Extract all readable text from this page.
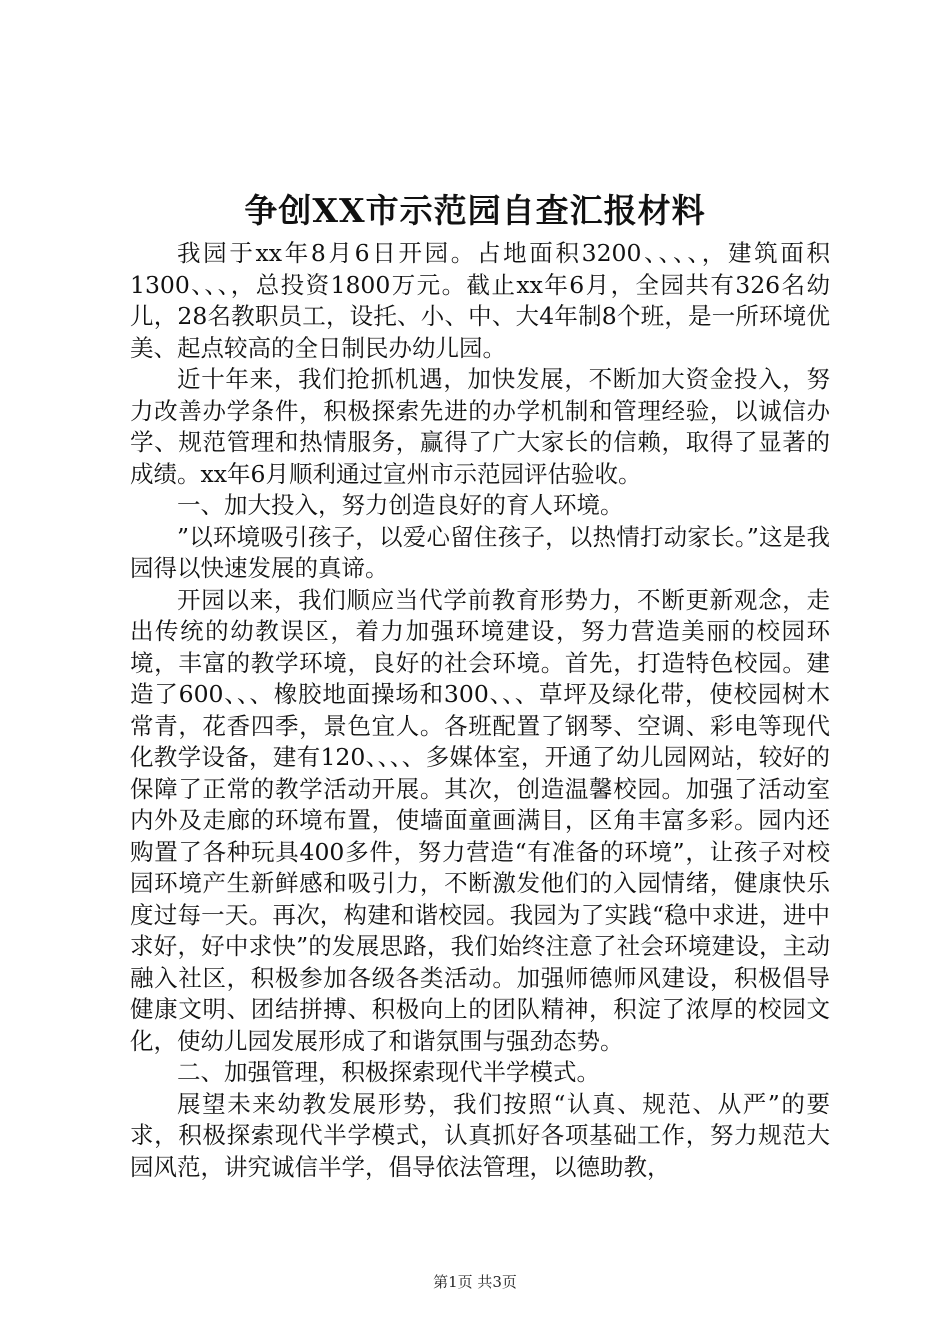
争创XX市示范园自查汇报材料

我园于xx年8月6日开园。占地面积3200、、、、，建筑面积1300、、、，总投资1800万元。截止xx年6月，全园共有326名幼儿，28名教职员工，设托、小、中、大4年制8个班，是一所环境优美、起点较高的全日制民办幼儿园。

近十年来，我们抢抓机遇，加快发展，不断加大资金投入，努力改善办学条件，积极探索先进的办学机制和管理经验，以诚信办学、规范管理和热情服务，赢得了广大家长的信赖，取得了显著的成绩。xx年6月顺利通过宣州市示范园评估验收。

一、加大投入，努力创造良好的育人环境。

”以环境吸引孩子，以爱心留住孩子，以热情打动家长。”这是我园得以快速发展的真谛。

开园以来，我们顺应当代学前教育形势力，不断更新观念，走出传统的幼教误区，着力加强环境建设，努力营造美丽的校园环境，丰富的教学环境，良好的社会环境。首先，打造特色校园。建造了600、、、橡胶地面操场和300、、、草坪及绿化带，使校园树木常青，花香四季，景色宜人。各班配置了钢琴、空调、彩电等现代化教学设备，建有120、、、、多媒体室，开通了幼儿园网站，较好的保障了正常的教学活动开展。其次，创造温馨校园。加强了活动室内外及走廊的环境布置，使墙面童画满目，区角丰富多彩。园内还购置了各种玩具400多件，努力营造“有准备的环境”，让孩子对校园环境产生新鲜感和吸引力，不断激发他们的入园情绪，健康快乐度过每一天。再次，构建和谐校园。我园为了实践“稳中求进，进中求好，好中求快”的发展思路，我们始终注意了社会环境建设，主动融入社区，积极参加各级各类活动。加强师德师风建设，积极倡导健康文明、团结拼搏、积极向上的团队精神，积淀了浓厚的校园文化，使幼儿园发展形成了和谐氛围与强劲态势。

二、加强管理，积极探索现代半学模式。

展望未来幼教发展形势，我们按照“认真、规范、从严”的要求，积极探索现代半学模式，认真抓好各项基础工作，努力规范大园风范，讲究诚信半学，倡导依法管理，以德助教，

第1页 共3页
